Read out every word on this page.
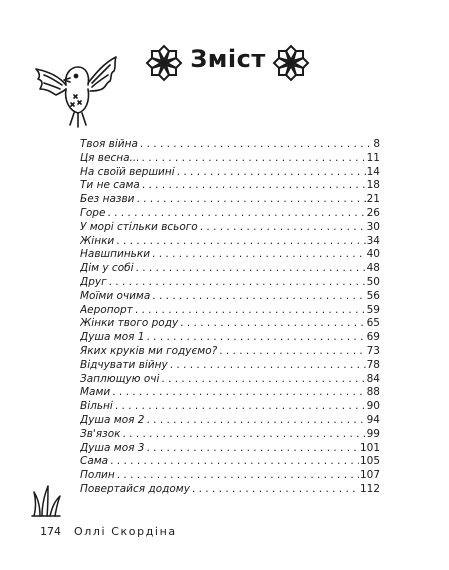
Зміст
Твоя війна . . .	8
Ця весна... . . .	11
На своїй вершині . . .	14
Ти не сама . . .	18
Без назви . . .	21
Горе . . .	26
У морі стільки всього . . .	30
Жінки . . .	34
Навшпиньки . . .	40
Дім у собі . . .	48
Друг . . .	50
Моїми очима . . .	56
Аеропорт . . .	59
Жінки твого роду . . .	65
Душа моя 1 . . .	69
Яких круків ми годуємо? . . .	73
Відчувати війну . . .	78
Заплющую очі . . .	84
Мами . . .	88
Вільні . . .	90
Душа моя 2 . . .	94
Зв'язок . . .	99
Душа моя 3 . . .	101
Сама . . .	105
Полин . . .	107
Повертайся додому . . .	112
174 Оллі Скордіна
